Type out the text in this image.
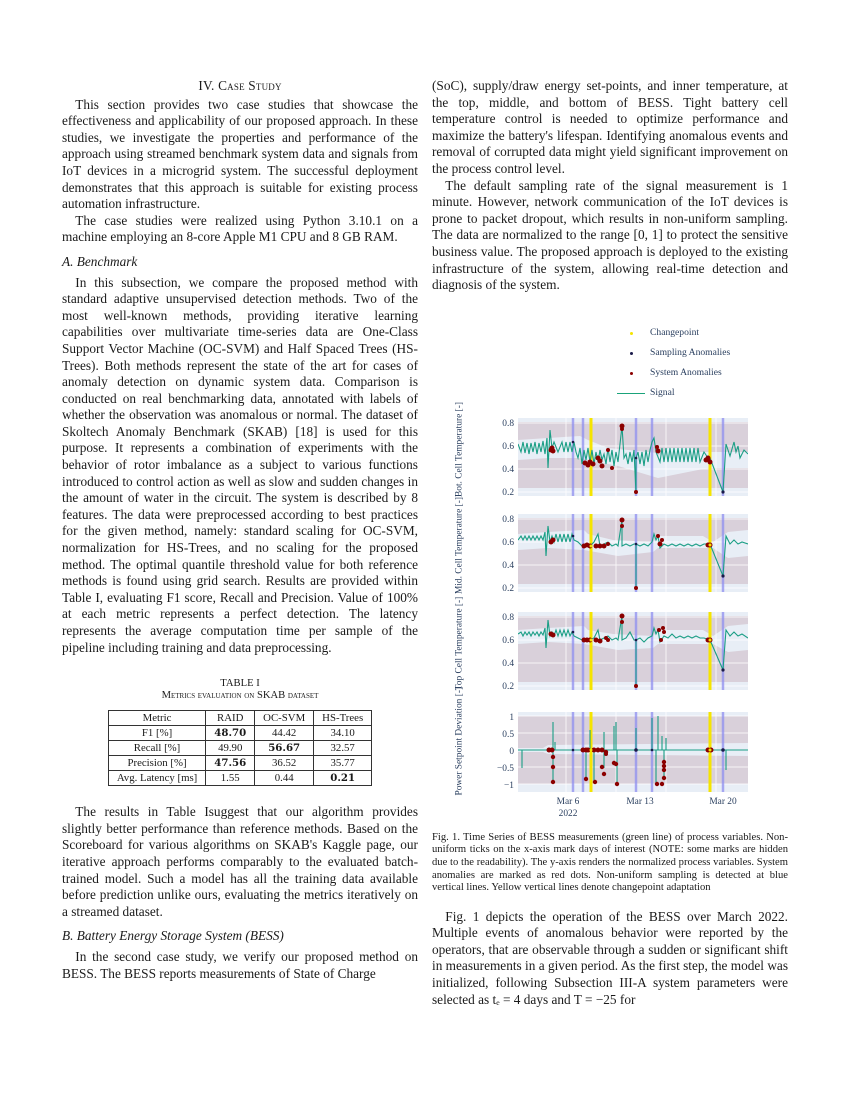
IV. Case Study

This section provides two case studies that showcase the effectiveness and applicability of our proposed approach. In these studies, we investigate the properties and performance of the approach using streamed benchmark system data and signals from IoT devices in a microgrid system. The successful deployment demonstrates that this approach is suitable for existing process automation infrastructure.

The case studies were realized using Python 3.10.1 on a machine employing an 8-core Apple M1 CPU and 8 GB RAM.

A. Benchmark

In this subsection, we compare the proposed method with standard adaptive unsupervised detection methods. Two of the most well-known methods, providing iterative learning capabilities over multivariate time-series data are One-Class Support Vector Machine (OC-SVM) and Half Spaced Trees (HS-Trees). Both methods represent the state of the art for cases of anomaly detection on dynamic system data. Comparison is conducted on real benchmarking data, annotated with labels of whether the observation was anomalous or normal. The dataset of Skoltech Anomaly Benchmark (SKAB) [18] is used for this purpose. It represents a combination of experiments with the behavior of rotor imbalance as a subject to various functions introduced to control action as well as slow and sudden changes in the amount of water in the circuit. The system is described by 8 features. The data were preprocessed according to best practices for the given method, namely: standard scaling for OC-SVM, normalization for HS-Trees, and no scaling for the proposed method. The optimal quantile threshold value for both reference methods is found using grid search. Results are provided within Table I, evaluating F1 score, Recall and Precision. Value of 100% at each metric represents a perfect detection. The latency represents the average computation time per sample of the pipeline including training and data preprocessing.

TABLE I
Metrics evaluation on SKAB dataset
Metric	RAID	OC-SVM	HS-Trees
F1 [%]	48.70	44.42	34.10
Recall [%]	49.90	56.67	32.57
Precision [%]	47.56	36.52	35.77
Avg. Latency [ms]	1.55	0.44	0.21

The results in Table Isuggest that our algorithm provides slightly better performance than reference methods. Based on the Scoreboard for various algorithms on SKAB's Kaggle page, our iterative approach performs comparably to the evaluated batch-trained model. Such a model has all the training data available before prediction unlike ours, evaluating the metrics iteratively on a streamed dataset.

B. Battery Energy Storage System (BESS)

In the second case study, we verify our proposed method on BESS. The BESS reports measurements of State of Charge

(SoC), supply/draw energy set-points, and inner temperature, at the top, middle, and bottom of BESS. Tight battery cell temperature control is needed to optimize performance and maximize the battery's lifespan. Identifying anomalous events and removal of corrupted data might yield significant improvement on the process control level.

The default sampling rate of the signal measurement is 1 minute. However, network communication of the IoT devices is prone to packet dropout, which results in non-uniform sampling. The data are normalized to the range [0, 1] to protect the sensitive business value. The proposed approach is deployed to the existing infrastructure of the system, allowing real-time detection and diagnosis of the system.

Changepoint
Sampling Anomalies
System Anomalies
Signal
Bot. Cell Temperature [-]	0.8
0.6
0.4
0.2
Mid. Cell Temperature [-]	0.8
0.6
0.4
0.2
Top Cell Temperature [-]	0.8
0.6
0.4
0.2
Power Setpoint Deviation [-]	1
0.5
0
−0.5
−1
Mar 6
2022
Mar 13	Mar 20
Fig. 1. Time Series of BESS measurements (green line) of process variables. Non-uniform ticks on the x-axis mark days of interest (NOTE: some marks are hidden due to the readability). The y-axis renders the normalized process variables. System anomalies are marked as red dots. Non-uniform sampling is detected at blue vertical lines. Yellow vertical lines denote changepoint adaptation

Fig. 1 depicts the operation of the BESS over March 2022. Multiple events of anomalous behavior were reported by the operators, that are observable through a sudden or significant shift in measurements in a given period. As the first step, the model was initialized, following Subsection III-A system parameters were selected as tₑ = 4 days and T = −25 for
